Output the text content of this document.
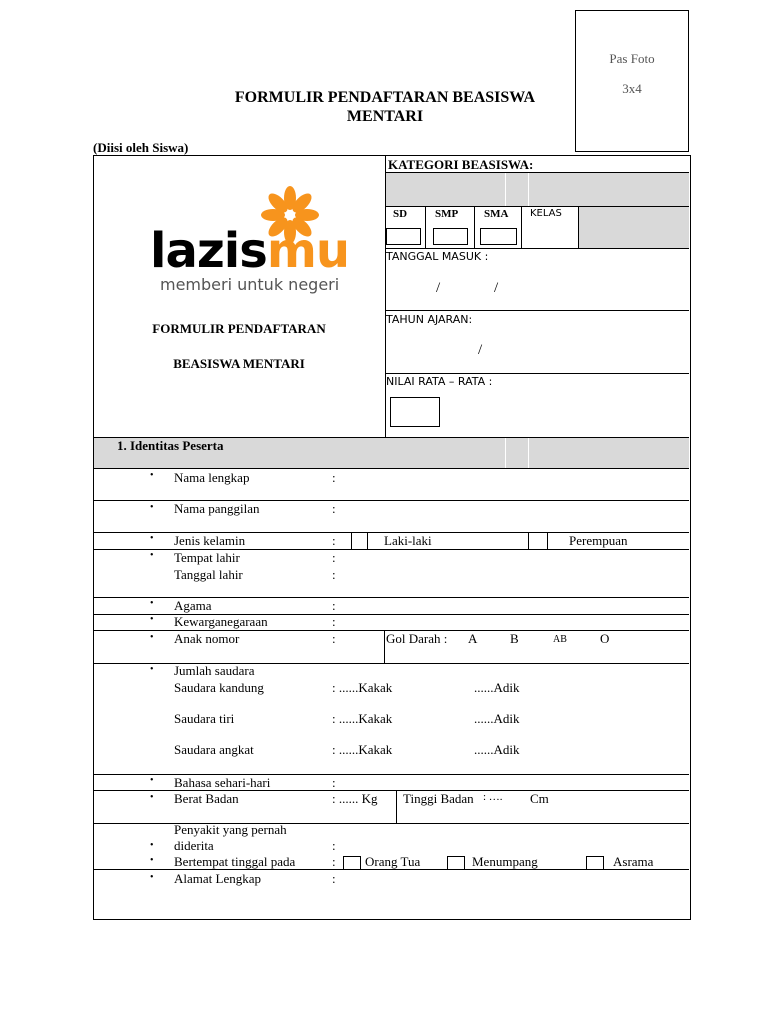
Pas Foto
3x4
FORMULIR PENDAFTARAN BEASISWA
MENTARI
(Diisi oleh Siswa)
lazismu
memberi untuk negeri
FORMULIR PENDAFTARAN
BEASISWA MENTARI
KATEGORI BEASISWA:
SD	SMP SMA KELAS
TANGGAL MASUK :
/	/
TAHUN AJARAN:
/
NILAI RATA – RATA :
1. Identitas Peserta
• Nama lengkap	:
• Nama panggilan	:
• Jenis kelamin	:	Laki-laki	Perempuan
• Tempat lahir	:
Tanggal lahir	:
• Agama	:
• Kewarganegaraan	:
• Anak nomor	:	Gol Darah : A	B	AB	O
• Jumlah saudara
Saudara kandung	: ......Kakak	......Adik
Saudara tiri	: ......Kakak	......Adik
Saudara angkat	: ......Kakak	......Adik
• Bahasa sehari-hari	:
• Berat Badan	: ...... Kg Tinggi Badan : …. Cm
Penyakit yang pernah
• diderita	:
• Bertempat tinggal pada	: Orang Tua	Menumpang	Asrama
• Alamat Lengkap	:
